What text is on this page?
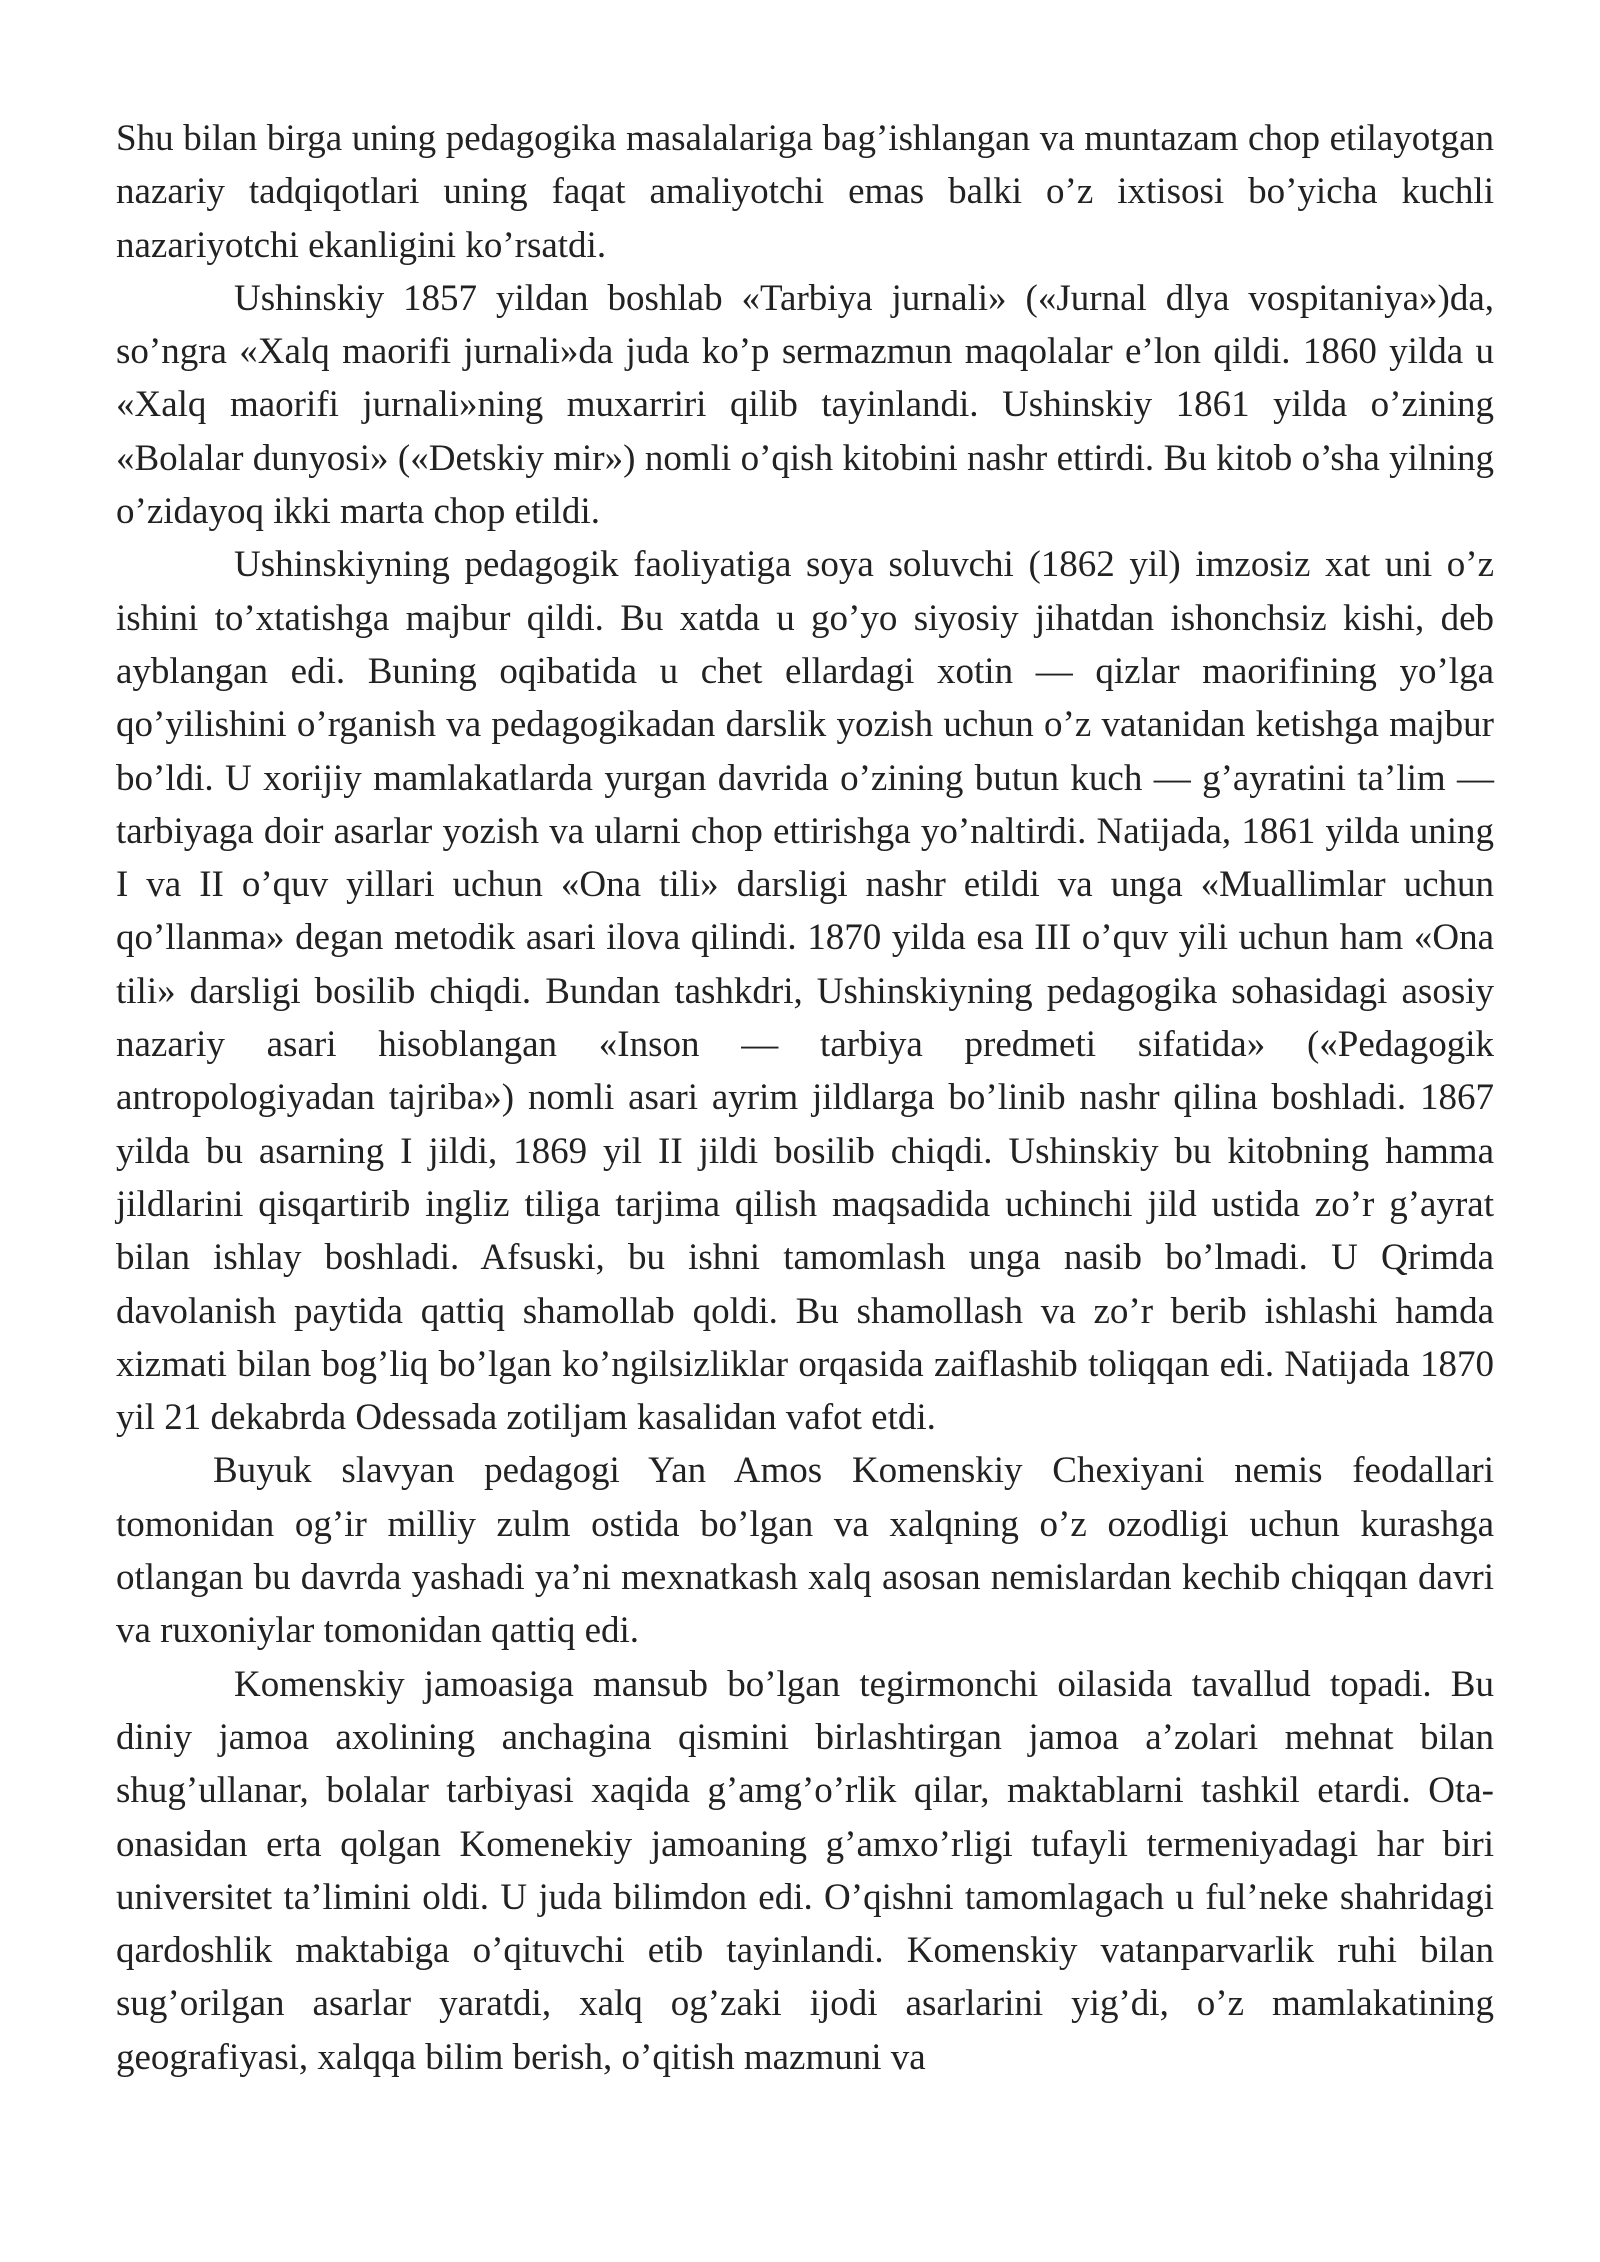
Shu bilan birga uning pedagogika masalalariga bag’ishlangan va muntazam chop etilayotgan nazariy tadqiqotlari uning faqat amaliyotchi emas balki o’z ixtisosi bo’yicha kuchli nazariyotchi ekanligini ko’rsatdi.

Ushinskiy 1857 yildan boshlab «Tarbiya jurnali» («Jurnal dlya vospitaniya»)da, so’ngra «Xalq maorifi jurnali»da juda ko’p sermazmun maqolalar e’lon qildi. 1860 yilda u «Xalq maorifi jurnali»ning muxarriri qilib tayinlandi. Ushinskiy 1861 yilda o’zining «Bolalar dunyosi» («Detskiy mir») nomli o’qish kitobini nashr ettirdi. Bu kitob o’sha yilning o’zidayoq ikki marta chop etildi.

Ushinskiyning pedagogik faoliyatiga soya soluvchi (1862 yil) imzosiz xat uni o’z ishini to’xtatishga majbur qildi. Bu xatda u go’yo siyosiy jihatdan ishonchsiz kishi, deb ayblangan edi. Buning oqibatida u chet ellardagi xotin — qizlar maorifining yo’lga qo’yilishini o’rganish va pedagogikadan darslik yozish uchun o’z vatanidan ketishga majbur bo’ldi. U xorijiy mamlakatlarda yurgan davrida o’zining butun kuch — g’ayratini ta’lim — tarbiyaga doir asarlar yozish va ularni chop ettirishga yo’naltirdi. Natijada, 1861 yilda uning I va II o’quv yillari uchun «Ona tili» darsligi nashr etildi va unga «Muallimlar uchun qo’llanma» degan metodik asari ilova qilindi. 1870 yilda esa III o’quv yili uchun ham «Ona tili» darsligi bosilib chiqdi. Bundan tashkdri, Ushinskiyning pedagogika sohasidagi asosiy nazariy asari hisoblangan «Inson — tarbiya predmeti sifatida» («Pedagogik antropologiyadan tajriba») nomli asari ayrim jildlarga bo’linib nashr qilina boshladi. 1867 yilda bu asarning I jildi, 1869 yil II jildi bosilib chiqdi. Ushinskiy bu kitobning hamma jildlarini qisqartirib ingliz tiliga tarjima qilish maqsadida uchinchi jild ustida zo’r g’ayrat bilan ishlay boshladi. Afsuski, bu ishni tamomlash unga nasib bo’lmadi. U Qrimda davolanish paytida qattiq shamollab qoldi. Bu shamollash va zo’r berib ishlashi hamda xizmati bilan bog’liq bo’lgan ko’ngilsizliklar orqasida zaiflashib toliqqan edi. Natijada 1870 yil 21 dekabrda Odessada zotiljam kasalidan vafot etdi.

Buyuk slavyan pedagogi Yan Amos Komenskiy Chexiyani nemis feodallari tomonidan og’ir milliy zulm ostida bo’lgan va xalqning o’z ozodligi uchun kurashga otlangan bu davrda yashadi ya’ni mexnatkash xalq asosan nemislardan kechib chiqqan davri va ruxoniylar tomonidan qattiq edi.

Komenskiy jamoasiga mansub bo’lgan tegirmonchi oilasida tavallud topadi. Bu diniy jamoa axolining anchagina qismini birlashtirgan jamoa a’zolari mehnat bilan shug’ullanar, bolalar tarbiyasi xaqida g’amg’o’rlik qilar, maktablarni tashkil etardi. Ota-onasidan erta qolgan Komenekiy jamoaning g’amxo’rligi tufayli termeniyadagi har biri universitet ta’limini oldi. U juda bilimdon edi. O’qishni tamomlagach u ful’neke shahridagi qardoshlik maktabiga o’qituvchi etib tayinlandi. Komenskiy vatanparvarlik ruhi bilan sug’orilgan asarlar yaratdi, xalq og’zaki ijodi asarlarini yig’di, o’z mamlakatining geografiyasi, xalqqa bilim berish, o’qitish mazmuni va
